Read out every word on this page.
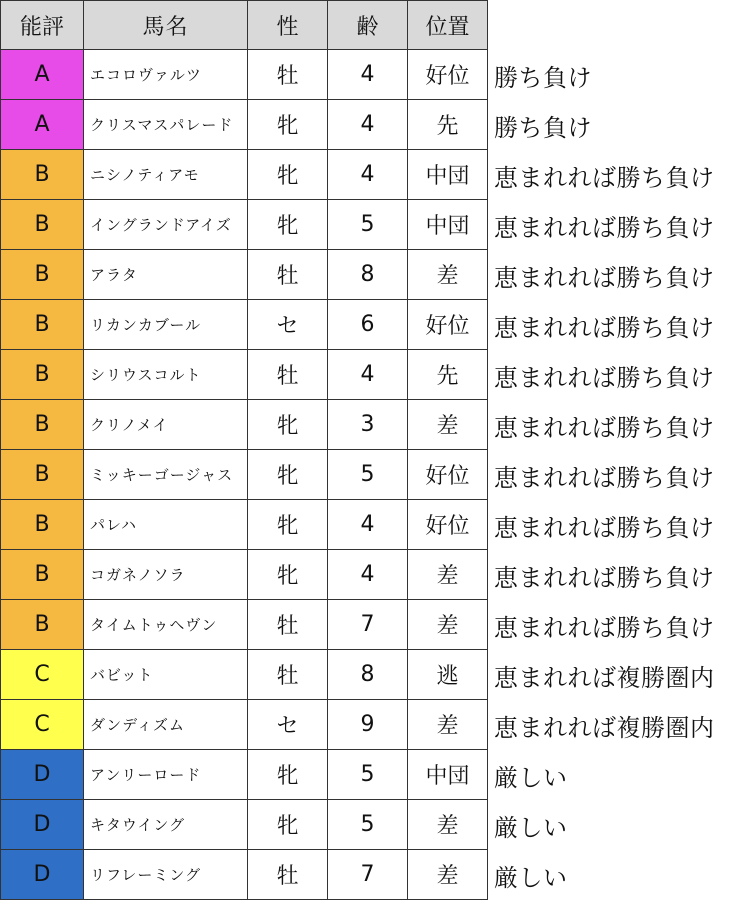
能評	馬名	性	齢	位置
A	エコロヴァルツ	牡	4	好位	勝ち負け
A	クリスマスパレード	牝	4	先	勝ち負け
B	ニシノティアモ	牝	4	中団	恵まれれば勝ち負け
B	イングランドアイズ	牝	5	中団	恵まれれば勝ち負け
B	アラタ	牡	8	差	恵まれれば勝ち負け
B	リカンカブール	セ	6	好位	恵まれれば勝ち負け
B	シリウスコルト	牡	4	先	恵まれれば勝ち負け
B	クリノメイ	牝	3	差	恵まれれば勝ち負け
B	ミッキーゴージャス	牝	5	好位	恵まれれば勝ち負け
B	パレハ	牝	4	好位	恵まれれば勝ち負け
B	コガネノソラ	牝	4	差	恵まれれば勝ち負け
B	タイムトゥヘヴン	牡	7	差	恵まれれば勝ち負け
C	バビット	牡	8	逃	恵まれれば複勝圏内
C	ダンディズム	セ	9	差	恵まれれば複勝圏内
D	アンリーロード	牝	5	中団	厳しい
D	キタウイング	牝	5	差	厳しい
D	リフレーミング	牡	7	差	厳しい
